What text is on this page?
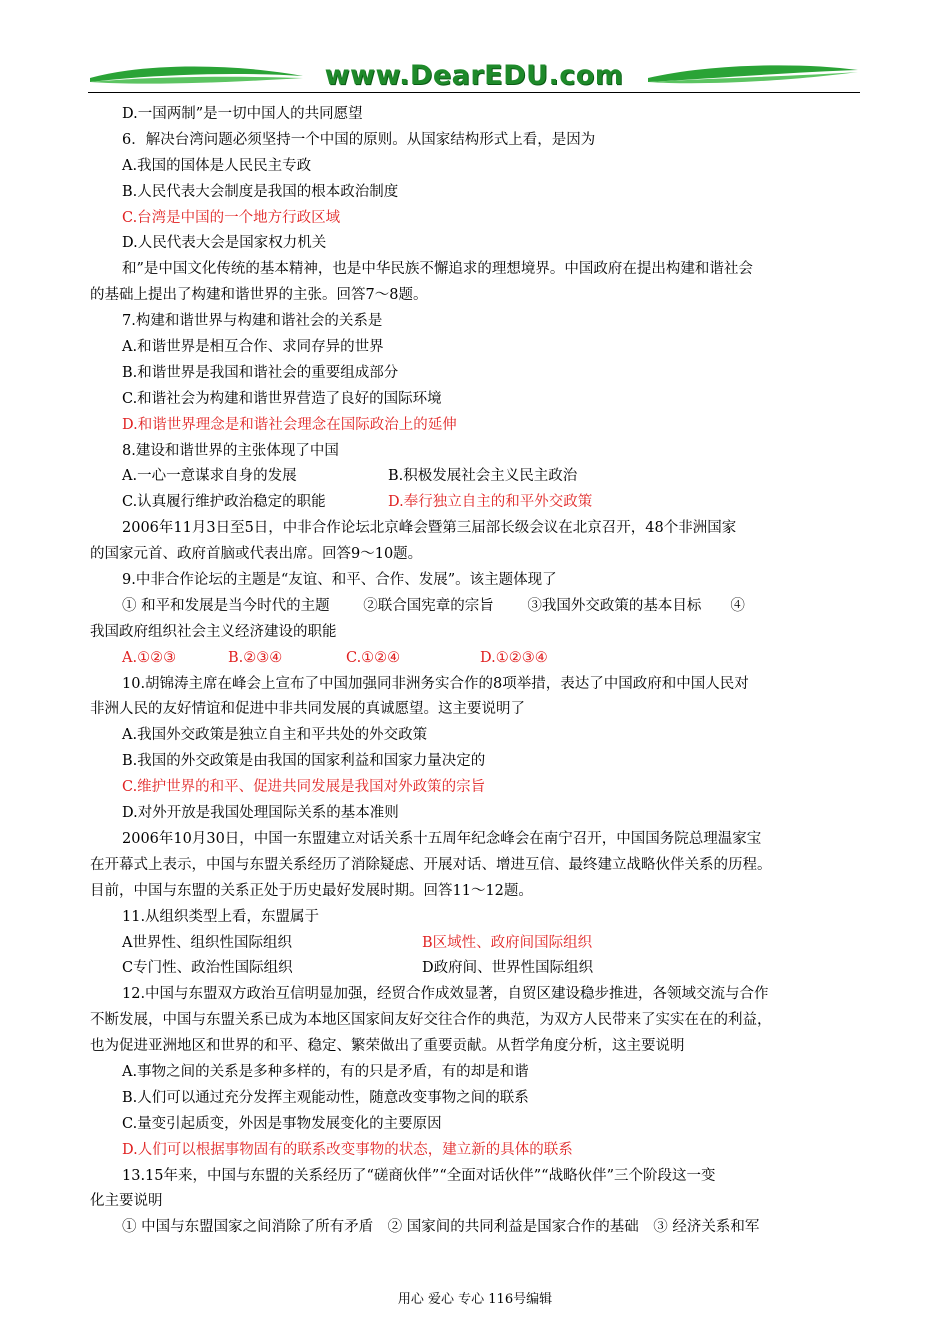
www.DearEDU.com
D.一国两制”是一切中国人的共同愿望
6．解决台湾问题必须坚持一个中国的原则。从国家结构形式上看，是因为
A.我国的国体是人民民主专政
B.人民代表大会制度是我国的根本政治制度
C.台湾是中国的一个地方行政区域
D.人民代表大会是国家权力机关
和”是中国文化传统的基本精神，也是中华民族不懈追求的理想境界。中国政府在提出构建和谐社会
的基础上提出了构建和谐世界的主张。回答7～8题。
7.构建和谐世界与构建和谐社会的关系是
A.和谐世界是相互合作、求同存异的世界
B.和谐世界是我国和谐社会的重要组成部分
C.和谐社会为构建和谐世界营造了良好的国际环境
D.和谐世界理念是和谐社会理念在国际政治上的延伸
8.建设和谐世界的主张体现了中国
A.一心一意谋求自身的发展	B.积极发展社会主义民主政治
C.认真履行维护政治稳定的职能	D.奉行独立自主的和平外交政策
2006年11月3日至5日，中非合作论坛北京峰会暨第三届部长级会议在北京召开，48个非洲国家
的国家元首、政府首脑或代表出席。回答9～10题。
9.中非合作论坛的主题是“友谊、和平、合作、发展”。该主题体现了
① 和平和发展是当今时代的主题　　 ②联合国宪章的宗旨　　 ③我国外交政策的基本目标　　④
我国政府组织社会主义经济建设的职能
A.①②③	B.②③④	C.①②④	D.①②③④
10.胡锦涛主席在峰会上宣布了中国加强同非洲务实合作的8项举措，表达了中国政府和中国人民对
非洲人民的友好情谊和促进中非共同发展的真诚愿望。这主要说明了
A.我国外交政策是独立自主和平共处的外交政策
B.我国的外交政策是由我国的国家利益和国家力量决定的
C.维护世界的和平、促进共同发展是我国对外政策的宗旨
D.对外开放是我国处理国际关系的基本准则
2006年10月30日，中国一东盟建立对话关系十五周年纪念峰会在南宁召开，中国国务院总理温家宝
在开幕式上表示，中国与东盟关系经历了消除疑虑、开展对话、增进互信、最终建立战略伙伴关系的历程。
目前，中国与东盟的关系正处于历史最好发展时期。回答11～12题。
11.从组织类型上看，东盟属于
A世界性、组织性国际组织	B区域性、政府间国际组织
C专门性、政治性国际组织	D政府间、世界性国际组织
12.中国与东盟双方政治互信明显加强，经贸合作成效显著，自贸区建设稳步推进，各领域交流与合作
不断发展，中国与东盟关系已成为本地区国家间友好交往合作的典范，为双方人民带来了实实在在的利益，
也为促进亚洲地区和世界的和平、稳定、繁荣做出了重要贡献。从哲学角度分析，这主要说明
A.事物之间的关系是多种多样的，有的只是矛盾，有的却是和谐
B.人们可以通过充分发挥主观能动性，随意改变事物之间的联系
C.量变引起质变，外因是事物发展变化的主要原因
D.人们可以根据事物固有的联系改变事物的状态，建立新的具体的联系
13.15年来，中国与东盟的关系经历了“磋商伙伴”“全面对话伙伴”“战略伙伴”三个阶段这一变
化主要说明
① 中国与东盟国家之间消除了所有矛盾　② 国家间的共同利益是国家合作的基础　③ 经济关系和军
用心 爱心 专心 116号编辑
